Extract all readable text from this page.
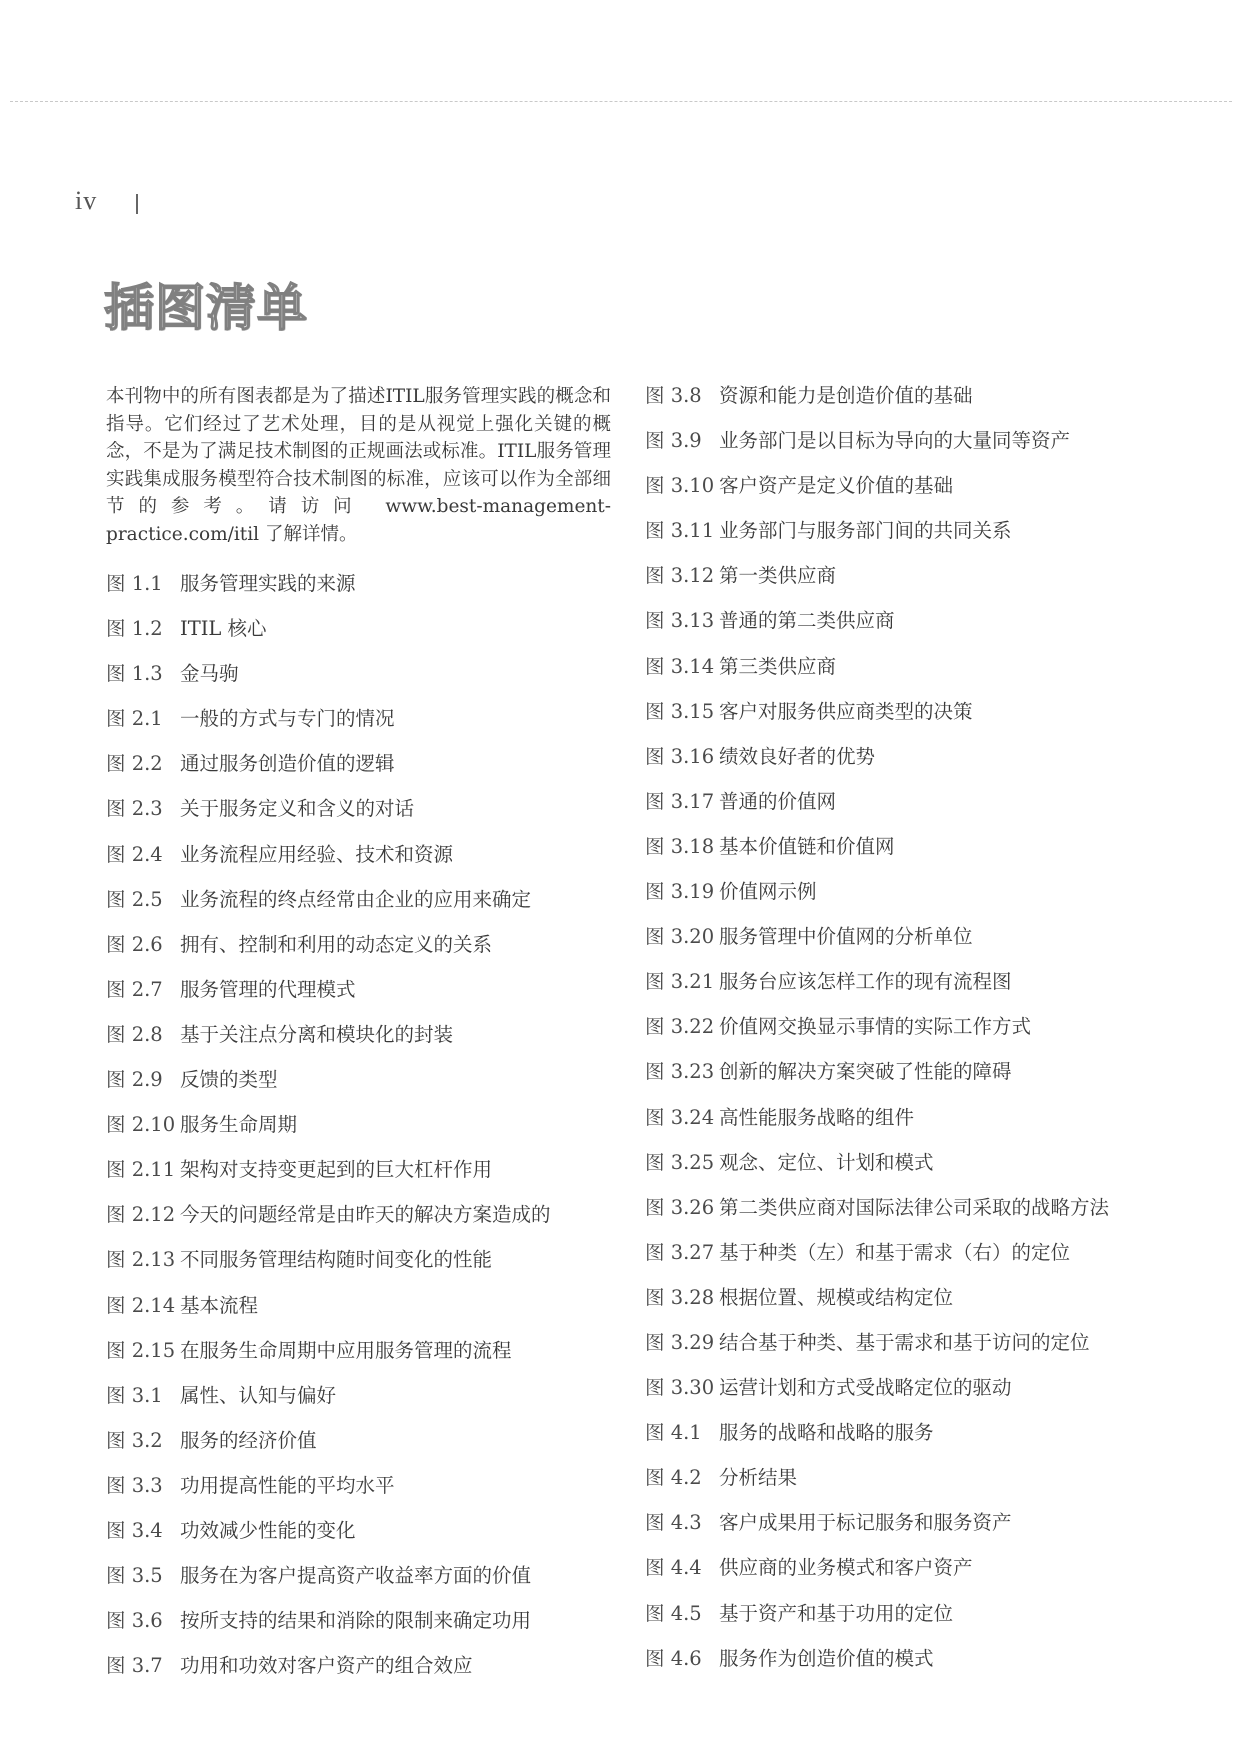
iv
插图清单

本刊物中的所有图表都是为了描述ITIL服务管理实践的概念和指导。它们经过了艺术处理，目的是从视觉上强化关键的概念，不是为了满足技术制图的正规画法或标准。ITIL服务管理实践集成服务模型符合技术制图的标准，应该可以作为全部细节的参考。请访问 www.best-management-practice.com/itil 了解详情。

图 1.1 服务管理实践的来源
图 1.2 ITIL 核心
图 1.3 金马驹
图 2.1 一般的方式与专门的情况
图 2.2 通过服务创造价值的逻辑
图 2.3 关于服务定义和含义的对话
图 2.4 业务流程应用经验、技术和资源
图 2.5 业务流程的终点经常由企业的应用来确定
图 2.6 拥有、控制和利用的动态定义的关系
图 2.7 服务管理的代理模式
图 2.8 基于关注点分离和模块化的封装
图 2.9 反馈的类型
图 2.10 服务生命周期
图 2.11 架构对支持变更起到的巨大杠杆作用
图 2.12 今天的问题经常是由昨天的解决方案造成的
图 2.13 不同服务管理结构随时间变化的性能
图 2.14 基本流程
图 2.15 在服务生命周期中应用服务管理的流程
图 3.1 属性、认知与偏好
图 3.2 服务的经济价值
图 3.3 功用提高性能的平均水平
图 3.4 功效减少性能的变化
图 3.5 服务在为客户提高资产收益率方面的价值
图 3.6 按所支持的结果和消除的限制来确定功用
图 3.7 功用和功效对客户资产的组合效应
图 3.8 资源和能力是创造价值的基础
图 3.9 业务部门是以目标为导向的大量同等资产
图 3.10 客户资产是定义价值的基础
图 3.11 业务部门与服务部门间的共同关系
图 3.12 第一类供应商
图 3.13 普通的第二类供应商
图 3.14 第三类供应商
图 3.15 客户对服务供应商类型的决策
图 3.16 绩效良好者的优势
图 3.17 普通的价值网
图 3.18 基本价值链和价值网
图 3.19 价值网示例
图 3.20 服务管理中价值网的分析单位
图 3.21 服务台应该怎样工作的现有流程图
图 3.22 价值网交换显示事情的实际工作方式
图 3.23 创新的解决方案突破了性能的障碍
图 3.24 高性能服务战略的组件
图 3.25 观念、定位、计划和模式
图 3.26 第二类供应商对国际法律公司采取的战略方法
图 3.27 基于种类（左）和基于需求（右）的定位
图 3.28 根据位置、规模或结构定位
图 3.29 结合基于种类、基于需求和基于访问的定位
图 3.30 运营计划和方式受战略定位的驱动
图 4.1 服务的战略和战略的服务
图 4.2 分析结果
图 4.3 客户成果用于标记服务和服务资产
图 4.4 供应商的业务模式和客户资产
图 4.5 基于资产和基于功用的定位
图 4.6 服务作为创造价值的模式
